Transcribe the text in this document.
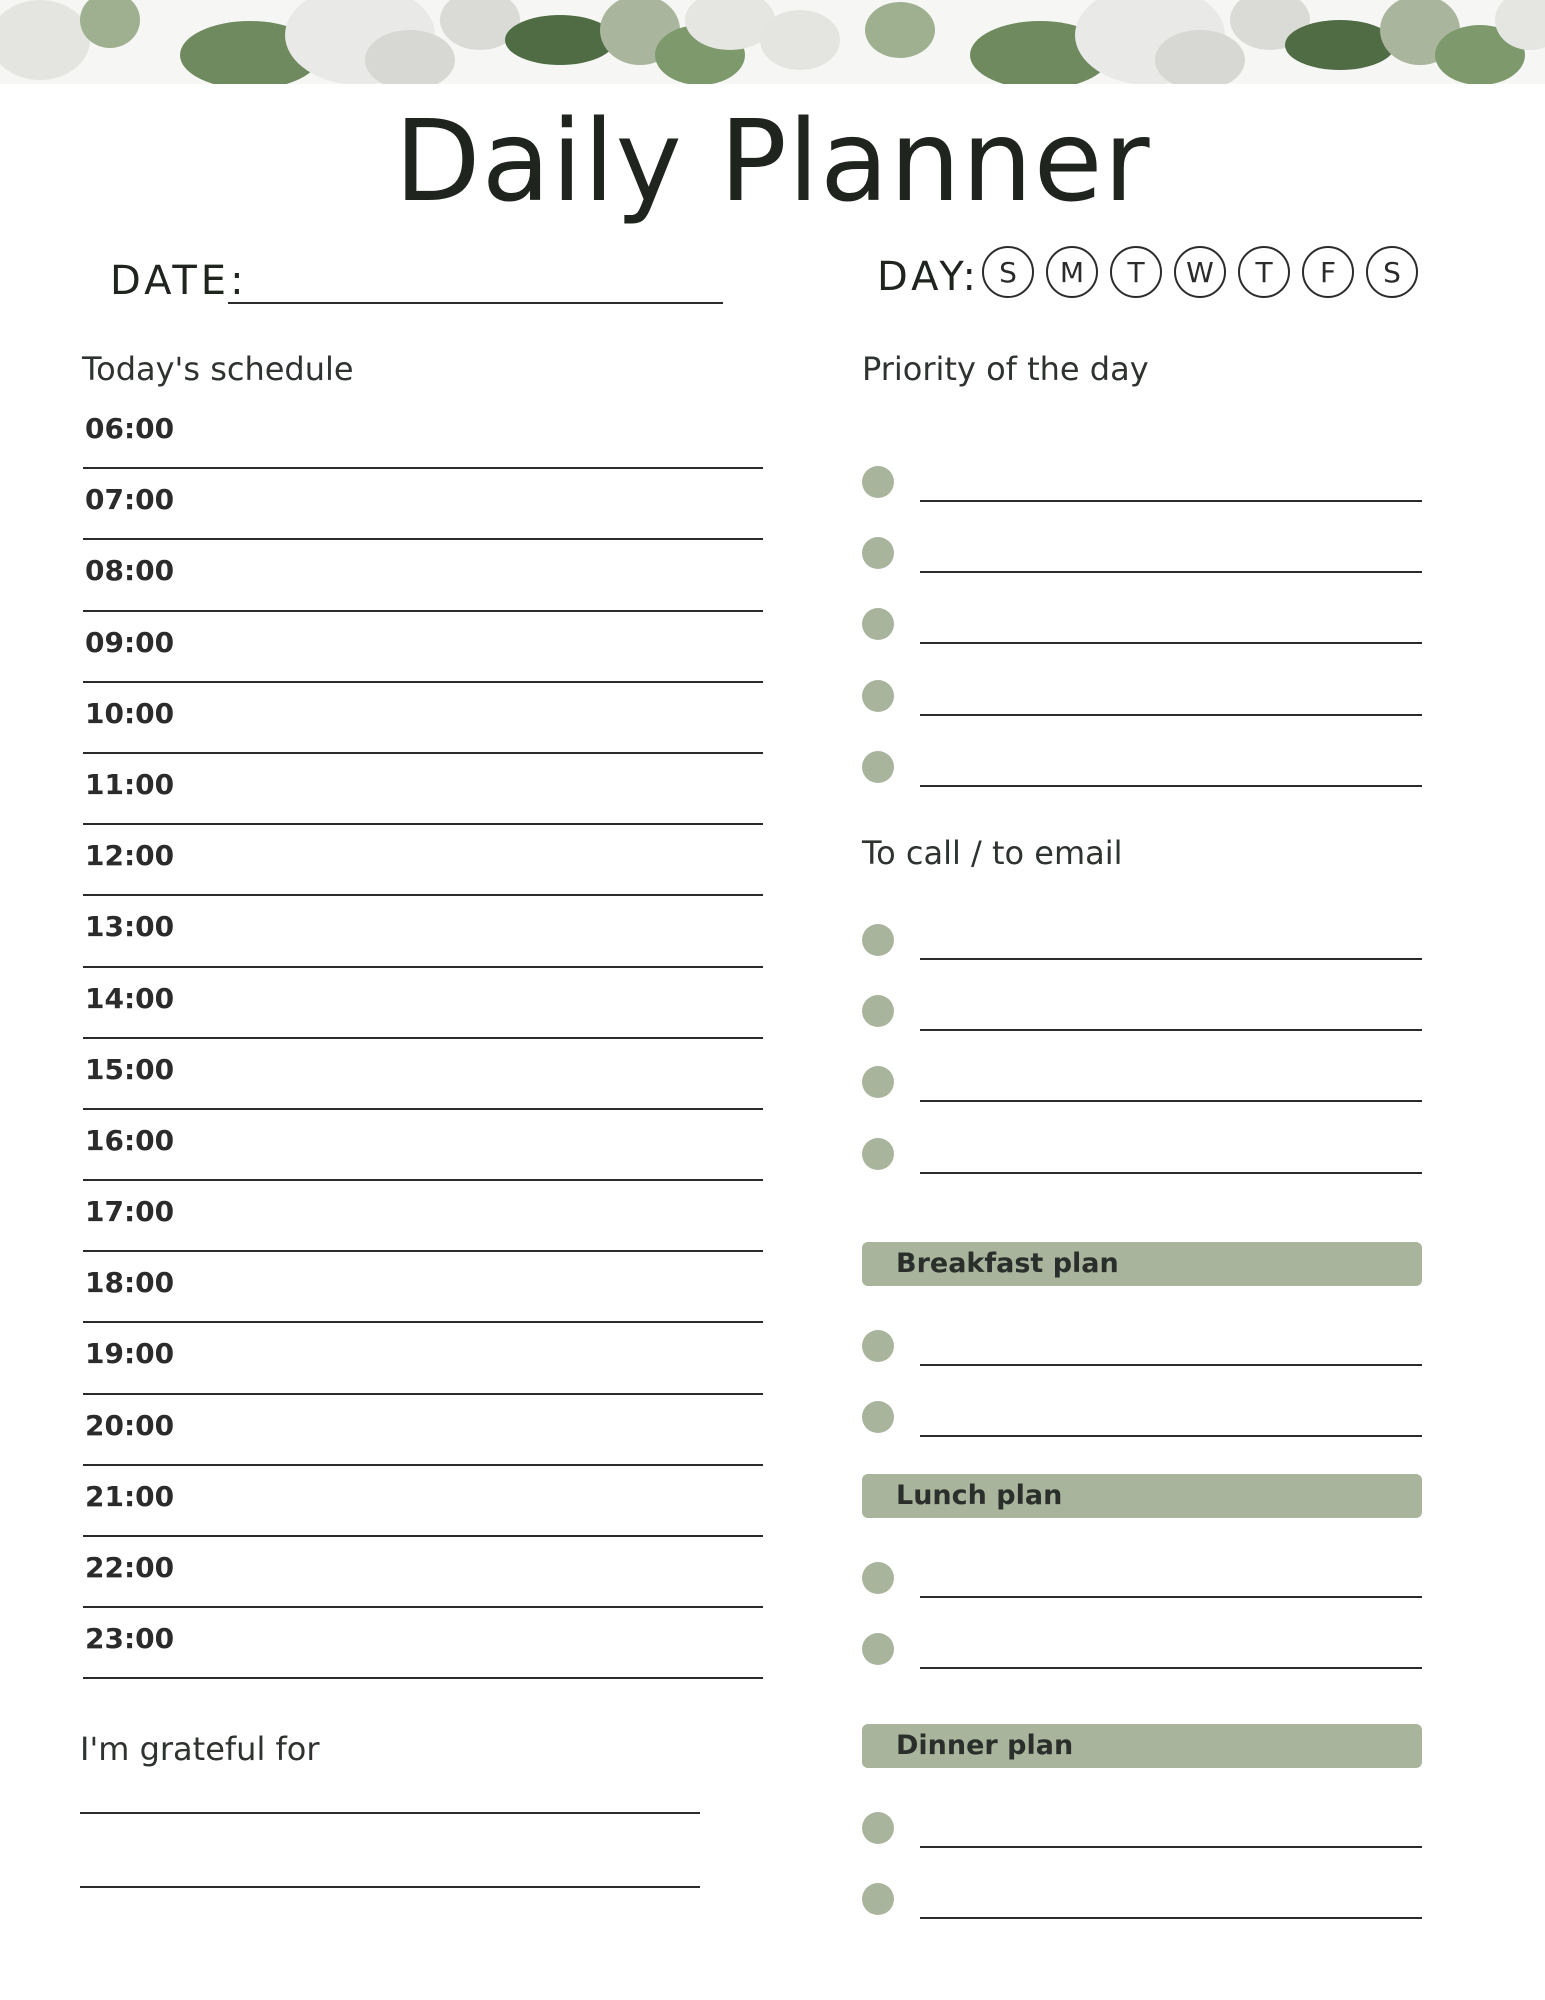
Daily Planner
DATE:	DAY: S	M	T	W	T	F	S
Today's schedule
06:00
07:00
08:00
09:00
10:00
11:00
12:00
13:00
14:00
15:00
16:00
17:00
18:00
19:00
20:00
21:00
22:00
23:00
I'm grateful for
Priority of the day
To call / to email
Breakfast plan
Lunch plan
Dinner plan
